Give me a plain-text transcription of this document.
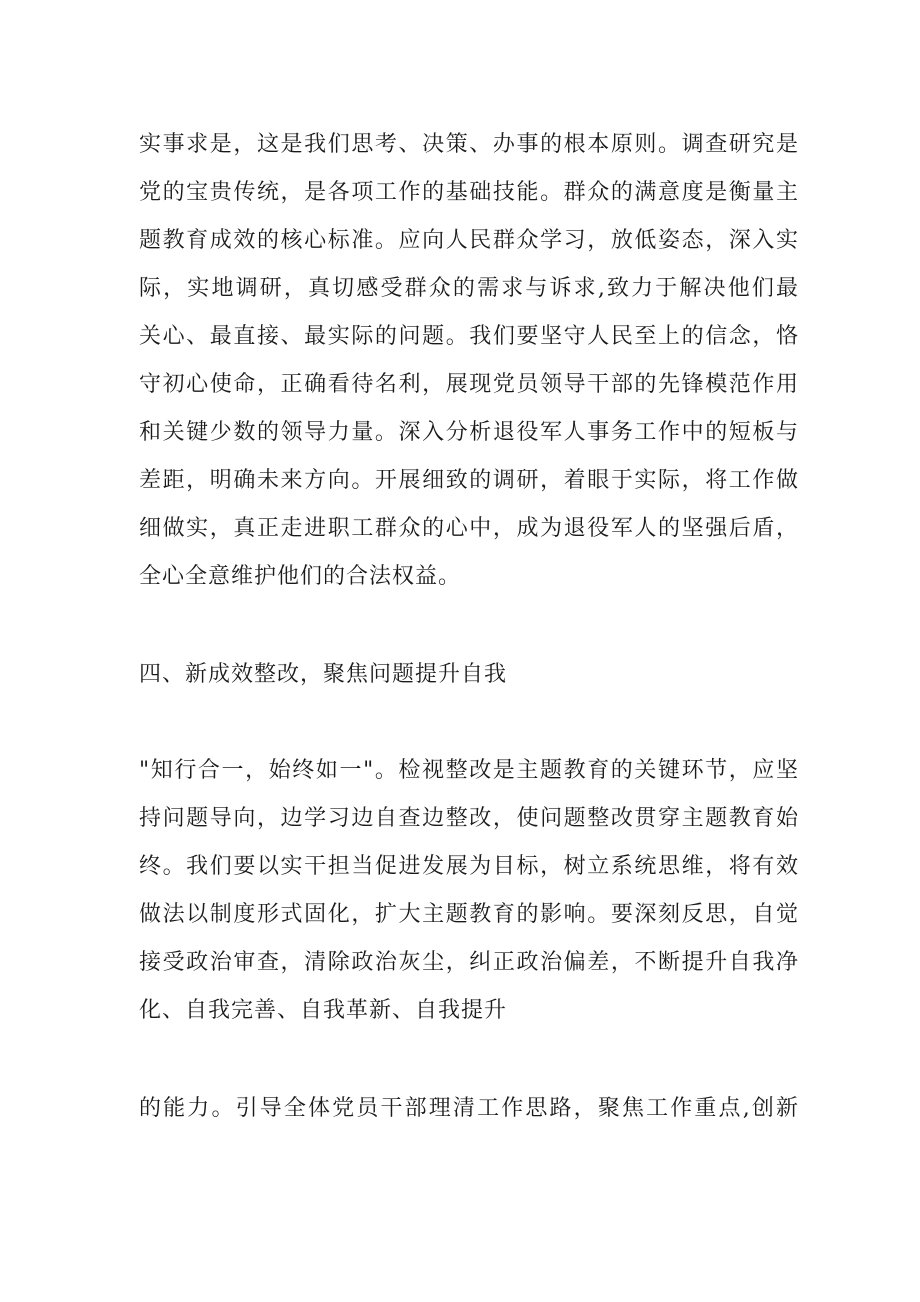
实事求是，这是我们思考、决策、办事的根本原则。调查研究是
党的宝贵传统，是各项工作的基础技能。群众的满意度是衡量主
题教育成效的核心标准。应向人民群众学习，放低姿态，深入实
际，实地调研，真切感受群众的需求与诉求,致力于解决他们最
关心、最直接、最实际的问题。我们要坚守人民至上的信念，恪
守初心使命，正确看待名利，展现党员领导干部的先锋模范作用
和关键少数的领导力量。深入分析退役军人事务工作中的短板与
差距，明确未来方向。开展细致的调研，着眼于实际，将工作做
细做实，真正走进职工群众的心中，成为退役军人的坚强后盾，
全心全意维护他们的合法权益。
四、新成效整改，聚焦问题提升自我
"知行合一，始终如一"。检视整改是主题教育的关键环节，应坚
持问题导向，边学习边自查边整改，使问题整改贯穿主题教育始
终。我们要以实干担当促进发展为目标，树立系统思维，将有效
做法以制度形式固化，扩大主题教育的影响。要深刻反思，自觉
接受政治审查，清除政治灰尘，纠正政治偏差，不断提升自我净
化、自我完善、自我革新、自我提升
的能力。引导全体党员干部理清工作思路，聚焦工作重点,创新
